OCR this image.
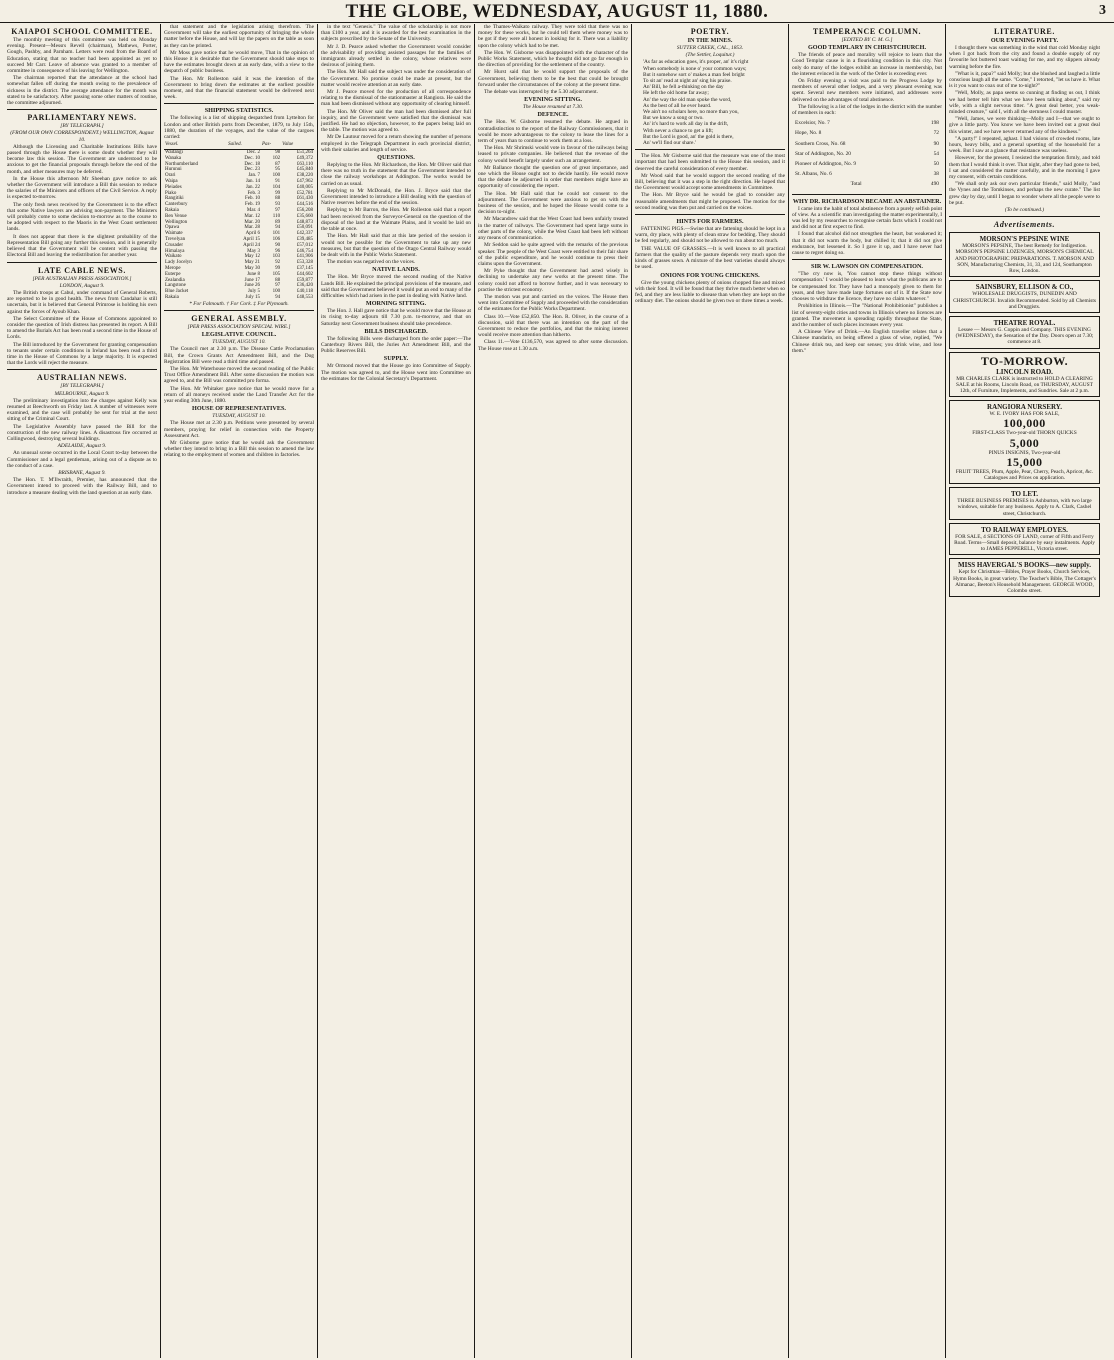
THE GLOBE, WEDNESDAY, AUGUST 11, 1880.	3
KAIAPOI SCHOOL COMMITTEE.

The monthly meeting of this committee was held on Monday evening. Present—Messrs Revell (chairman), Mathews, Porter, Gough, Pashby, and Parnham. Letters were read from the Board of Education, stating that no teacher had been appointed as yet to succeed Mr Carr. Leave of absence was granted to a member of committee in consequence of his leaving for Wellington.

The chairman reported that the attendance at the school had somewhat fallen off during the month owing to the prevalence of sickness in the district. The average attendance for the month was stated to be satisfactory. After passing some other matters of routine, the committee adjourned.

PARLIAMENTARY NEWS.
[BY TELEGRAPH.]
(FROM OUR OWN CORRESPONDENT.) WELLINGTON, August 10.

Although the Licensing and Charitable Institutions Bills have passed through the House there is some doubt whether they will become law this session. The Government are understood to be anxious to get the financial proposals through before the end of the month, and other measures may be deferred.

In the House this afternoon Mr Sheehan gave notice to ask whether the Government will introduce a Bill this session to reduce the salaries of the Ministers and officers of the Civil Service. A reply is expected to-morrow.

The only fresh news received by the Government is to the effect that some Native lawyers are advising non-payment. The Ministers will probably come to some decision to-morrow as to the course to be adopted with respect to the Maoris in the West Coast settlement lands.

It does not appear that there is the slightest probability of the Representation Bill going any further this session, and it is generally believed that the Government will be content with passing the Electoral Bill and leaving the redistribution for another year.

LATE CABLE NEWS.
[PER AUSTRALIAN PRESS ASSOCIATION.]
LONDON, August 9.

The British troops at Cabul, under command of General Roberts, are reported to be in good health. The news from Candahar is still uncertain, but it is believed that General Primrose is holding his own against the forces of Ayoub Khan.

The Select Committee of the House of Commons appointed to consider the question of Irish distress has presented its report. A Bill to amend the Burials Act has been read a second time in the House of Lords.

The Bill introduced by the Government for granting compensation to tenants under certain conditions in Ireland has been read a third time in the House of Commons by a large majority. It is expected that the Lords will reject the measure.

AUSTRALIAN NEWS.
[BY TELEGRAPH.]
MELBOURNE, August 9.

The preliminary investigation into the charges against Kelly was resumed at Beechworth on Friday last. A number of witnesses were examined, and the case will probably be sent for trial at the next sitting of the Criminal Court.

The Legislative Assembly have passed the Bill for the construction of the new railway lines. A disastrous fire occurred at Collingwood, destroying several buildings.

ADELAIDE, August 9.

An unusual scene occurred in the Local Court to-day between the Commissioner and a legal gentleman, arising out of a dispute as to the conduct of a case.

BRISBANE, August 9.

The Hon. T. M'Ilwraith, Premier, has announced that the Government intend to proceed with the Railway Bill, and to introduce a measure dealing with the land question at an early date.

that statement and the legislation arising therefrom. The Government will take the earliest opportunity of bringing the whole matter before the House, and will lay the papers on the table as soon as they can be printed.

Mr Moss gave notice that he would move, That in the opinion of this House it is desirable that the Government should take steps to have the estimates brought down at an early date, with a view to the despatch of public business.

The Hon. Mr Rolleston said it was the intention of the Government to bring down the estimates at the earliest possible moment, and that the financial statement would be delivered next week.

SHIPPING STATISTICS.

The following is a list of shipping despatched from Lyttelton for London and other British ports from December, 1879, to July 15th, 1880, the duration of the voyages, and the value of the cargoes carried:

Vessel.	Sailed.	Pas-	Value
Waitangi	Dec. 2	98	£51,264
Wanaka	Dec. 10	102	£49,372
Northumberland	Dec. 18	87	£63,110
Hurunui	Dec. 23	95	£45,840
Orari	Jan. 7	100	£38,220
Waipa	Jan. 14	91	£47,962
Pleiades	Jan. 22	104	£40,005
Piako	Feb. 3	99	£52,781
Rangitiki	Feb. 10	88	£61,430
Canterbury	Feb. 19	93	£44,516
Rakaia	Mar. 4	97	£56,208
Ben Venue	Mar. 12	110	£35,660
Wellington	Mar. 20	89	£48,873
Opawa	Mar. 28	94	£50,091
Waimate	April 6	101	£42,337
Trevelyan	April 15	106	£39,485
Crusader	April 24	90	£57,012
Himalaya	May 3	96	£46,754
Waikato	May 12	103	£41,906
Lady Jocelyn	May 21	92	£53,328
Merope	May 30	99	£37,145
Euterpe	June 8	105	£44,602
Zealandia	June 17	88	£59,877
Langstone	June 26	97	£36,420
Blue Jacket	July 5	100	£40,118
Rakaia	July 15	94	£48,553
* For Falmouth. † For Cork. ‡ For Plymouth.
GENERAL ASSEMBLY.
[PER PRESS ASSOCIATION SPECIAL WIRE.]
LEGISLATIVE COUNCIL.
TUESDAY, AUGUST 10.

The Council met at 2.30 p.m. The Disease Cattle Proclamation Bill, the Crown Grants Act Amendment Bill, and the Dog Registration Bill were read a third time and passed.

The Hon. Mr Waterhouse moved the second reading of the Public Trust Office Amendment Bill. After some discussion the motion was agreed to, and the Bill was committed pro forma.

The Hon. Mr Whitaker gave notice that he would move for a return of all moneys received under the Land Transfer Act for the year ending 30th June, 1880.

HOUSE OF REPRESENTATIVES.
TUESDAY, AUGUST 10.

The House met at 2.30 p.m. Petitions were presented by several members, praying for relief in connection with the Property Assessment Act.

Mr Gisborne gave notice that he would ask the Government whether they intend to bring in a Bill this session to amend the law relating to the employment of women and children in factories.

in the text "Genesis." The value of the scholarship is not more than £100 a year, and it is awarded for the best examination in the subjects prescribed by the Senate of the University.

Mr J. D. Pearce asked whether the Government would consider the advisability of providing assisted passages for the families of immigrants already settled in the colony, whose relatives were desirous of joining them.

The Hon. Mr Hall said the subject was under the consideration of the Government. No promise could be made at present, but the matter would receive attention at an early date.

Mr J. Pearce moved for the production of all correspondence relating to the dismissal of the stationmaster at Rangiora. He said the man had been dismissed without any opportunity of clearing himself.

The Hon. Mr Oliver said the man had been dismissed after full inquiry, and the Government were satisfied that the dismissal was justified. He had no objection, however, to the papers being laid on the table. The motion was agreed to.

Mr De Lautour moved for a return showing the number of persons employed in the Telegraph Department in each provincial district, with their salaries and length of service.

QUESTIONS.

Replying to the Hon. Mr Richardson, the Hon. Mr Oliver said that there was no truth in the statement that the Government intended to close the railway workshops at Addington. The works would be carried on as usual.

Replying to Mr McDonald, the Hon. J. Bryce said that the Government intended to introduce a Bill dealing with the question of Native reserves before the end of the session.

Replying to Mr Barron, the Hon. Mr Rolleston said that a report had been received from the Surveyor-General on the question of the disposal of the land at the Waimate Plains, and it would be laid on the table at once.

The Hon. Mr Hall said that at this late period of the session it would not be possible for the Government to take up any new measures, but that the question of the Otago Central Railway would be dealt with in the Public Works Statement.

The motion was negatived on the voices.

NATIVE LANDS.

The Hon. Mr Bryce moved the second reading of the Native Lands Bill. He explained the principal provisions of the measure, and said that the Government believed it would put an end to many of the difficulties which had arisen in the past in dealing with Native land.

MORNING SITTING.

The Hon. J. Hall gave notice that he would move that the House at its rising to-day adjourn till 7.30 p.m. to-morrow, and that on Saturday next Government business should take precedence.

BILLS DISCHARGED.

The following Bills were discharged from the order paper:—The Canterbury Rivers Bill, the Juries Act Amendment Bill, and the Public Reserves Bill.

SUPPLY.

Mr Ormond moved that the House go into Committee of Supply. The motion was agreed to, and the House went into Committee on the estimates for the Colonial Secretary's Department.

the Thames-Waikato railway. They were told that there was no money for these works, but he could tell them where money was to be got if they were all honest in looking for it. There was a liability upon the colony which had to be met.

The Hon. W. Gisborne was disappointed with the character of the Public Works Statement, which he thought did not go far enough in the direction of providing for the settlement of the country.

Mr Hurst said that he would support the proposals of the Government, believing them to be the best that could be brought forward under the circumstances of the colony at the present time.

The debate was interrupted by the 5.30 adjournment.

EVENING SITTING.
The House resumed at 7.30.
DEFENCE.

The Hon. W. Gisborne resumed the debate. He argued in contradistinction to the report of the Railway Commissioners, that it would be more advantageous to the colony to lease the lines for a term of years than to continue to work them at a loss.

The Hon. Mr Shrimski would vote in favour of the railways being leased to private companies. He believed that the revenue of the colony would benefit largely under such an arrangement.

Mr Ballance thought the question one of great importance, and one which the House ought not to decide hastily. He would move that the debate be adjourned in order that members might have an opportunity of considering the report.

The Hon. Mr Hall said that he could not consent to the adjournment. The Government were anxious to get on with the business of the session, and he hoped the House would come to a decision to-night.

Mr Macandrew said that the West Coast had been unfairly treated in the matter of railways. The Government had spent large sums in other parts of the colony, while the West Coast had been left without any means of communication.

Mr Seddon said he quite agreed with the remarks of the previous speaker. The people of the West Coast were entitled to their fair share of the public expenditure, and he would continue to press their claims upon the Government.

Mr Pyke thought that the Government had acted wisely in declining to undertake any new works at the present time. The colony could not afford to borrow further, and it was necessary to practise the strictest economy.

The motion was put and carried on the voices. The House then went into Committee of Supply and proceeded with the consideration of the estimates for the Public Works Department.

Class 10.—Vote £52,850. The Hon. R. Oliver, in the course of a discussion, said that there was an intention on the part of the Government to reduce the portfolios, and that the mining interest would receive more attention than hitherto.

Class 11.—Vote £136,570, was agreed to after some discussion. The House rose at 1.30 a.m.

POETRY.
IN THE MINES.
SUTTER CREEK, CAL., 1853.
(The Settler, Loquitur.)
'As far as education goes, it's proper, an' it's right
When somebody is none o' your common ways;
But it somehow sort o' makes a man feel bright
To sit an' read at night an' sing his praise.
An' Bill, he fell a-thinking on the day
He left the old home far away;
An' the way the old man spoke the word,
As the best of all he ever heard.
We ain't no scholars here, no more than you,
But we know a song or two.
An' it's hard to work all day in the drift,
With never a chance to get a lift;
But the Lord is good, an' the gold is there,
An' we'll find our share.'

The Hon. Mr Gisborne said that the measure was one of the most important that had been submitted to the House this session, and it deserved the careful consideration of every member.

Mr Wood said that he would support the second reading of the Bill, believing that it was a step in the right direction. He hoped that the Government would accept some amendments in Committee.

The Hon. Mr Bryce said he would be glad to consider any reasonable amendments that might be proposed. The motion for the second reading was then put and carried on the voices.

HINTS FOR FARMERS.

FATTENING PIGS.—Swine that are fattening should be kept in a warm, dry place, with plenty of clean straw for bedding. They should be fed regularly, and should not be allowed to run about too much.

THE VALUE OF GRASSES.—It is well known to all practical farmers that the quality of the pasture depends very much upon the kinds of grasses sown. A mixture of the best varieties should always be used.

ONIONS FOR YOUNG CHICKENS.

Give the young chickens plenty of onions chopped fine and mixed with their food. It will be found that they thrive much better when so fed, and they are less liable to disease than when they are kept on the ordinary diet. The onions should be given two or three times a week.

TEMPERANCE COLUMN.
[EDITED BY C. M. G.]
GOOD TEMPLARY IN CHRISTCHURCH.

The friends of peace and morality will rejoice to learn that the Good Templar cause is in a flourishing condition in this city. Not only do many of the lodges exhibit an increase in membership, but the interest evinced in the work of the Order is exceeding ever.

On Friday evening a visit was paid to the Progress Lodge by members of several other lodges, and a very pleasant evening was spent. Several new members were initiated, and addresses were delivered on the advantages of total abstinence.

The following is a list of the lodges in the district with the number of members in each:

Excelsior, No. 7	198
Hope, No. 8	72
Southern Cross, No. 68	90
Star of Addington, No. 20	54
Pioneer of Addington, No. 9	50
St. Albans, No. 6	38
Total	490
WHY DR. RICHARDSON BECAME AN ABSTAINER.

I came into the habit of total abstinence from a purely selfish point of view. As a scientific man investigating the matter experimentally, I was led by my researches to recognise certain facts which I could not and did not at first expect to find.

I found that alcohol did not strengthen the heart, but weakened it; that it did not warm the body, but chilled it; that it did not give endurance, but lessened it. So I gave it up, and I have never had cause to regret doing so.

SIR W. LAWSON ON COMPENSATION.

"The cry now is, 'You cannot stop these things without compensation.' I would be pleased to learn what the publicans are to be compensated for. They have had a monopoly given to them for years, and they have made large fortunes out of it. If the State now chooses to withdraw the licence, they have no claim whatever."

Prohibition in Illinois.—The "National Prohibitionist" publishes a list of seventy-eight cities and towns in Illinois where no licences are granted. The movement is spreading rapidly throughout the State, and the number of such places increases every year.

A Chinese View of Drink.—An English traveller relates that a Chinese mandarin, on being offered a glass of wine, replied, "We Chinese drink tea, and keep our senses; you drink wine, and lose them."

LITERATURE.
OUR EVENING PARTY.

I thought there was something in the wind that cold Monday night when I got back from the city and found a double supply of my favourite hot buttered toast waiting for me, and my slippers already warming before the fire.

"What is it, papa?" said Molly; but she blushed and laughed a little conscious laugh all the same. "Come," I retorted, "let us have it. What is it you want to coax out of me to-night?"

"Well, Molly, as papa seems so cunning at finding us out, I think we had better tell him what we have been talking about," said my wife, with a slight nervous titter. "A great deal better, you weak-minded creature," said I, with all the sternness I could muster.

"Well, James, we were thinking—Molly and I—that we ought to give a little party. You know we have been invited out a great deal this winter, and we have never returned any of the kindness."

"A party!" I repeated, aghast. I had visions of crowded rooms, late hours, heavy bills, and a general upsetting of the household for a week. But I saw at a glance that resistance was useless.

However, for the present, I resisted the temptation firmly, and told them that I would think it over. That night, after they had gone to bed, I sat and considered the matter carefully, and in the morning I gave my consent, with certain conditions.

"We shall only ask our own particular friends," said Molly, "and the Vynes and the Tomkinses, and perhaps the new curate." The list grew day by day, until I began to wonder where all the people were to be put.

(To be continued.)
Advertisements.
MORSON'S PEPSINE WINE
MORSON'S PEPSINE, The best Remedy for Indigestion.
MORSON'S PEPSINE LOZENGES, MORSON'S CHEMICAL AND PHOTOGRAPHIC PREPARATIONS. T. MORSON AND SON, Manufacturing Chemists, 31, 33, and 124, Southampton Row, London.
SAINSBURY, ELLISON & CO.,
WHOLESALE DRUGGISTS, DUNEDIN AND CHRISTCHURCH. Invalids Recommended. Sold by all Chemists and Druggists.
THEATRE ROYAL.
Lessee — Messrs G. Coppin and Company. THIS EVENING (WEDNESDAY), the Sensation of the Day. Doors open at 7.30; commence at 8.
TO-MORROW.
LINCOLN ROAD.
MR CHARLES CLARK is instructed to HOLD A CLEARING SALE at his Rooms, Lincoln Road, on THURSDAY, AUGUST 12th, of Furniture, Implements, and Sundries. Sale at 2 p.m.
RANGIORA NURSERY.
W. E. IVORY HAS FOR SALE,
100,000
FIRST-CLASS Two-year-old THORN QUICKS
5,000
PINUS INSIGNIS, Two-year-old
15,000
FRUIT TREES, Plum, Apple, Pear, Cherry, Peach, Apricot, &c.
Catalogues and Prices on application.
TO LET.
THREE BUSINESS PREMISES in Ashburton, with two large windows, suitable for any business. Apply to A. Clark, Cashel street, Christchurch.
TO RAILWAY EMPLOYES.
FOR SALE, 4 SECTIONS OF LAND, corner of Fifth and Ferry Road. Terms—Small deposit, balance by easy instalments. Apply to JAMES PEPPERELL, Victoria street.
MISS HAVERGAL'S BOOKS—new supply.
Kept for Christmas—Bibles, Prayer Books, Church Services, Hymn Books, in great variety. The Teacher's Bible, The Cottager's Almanac, Beeton's Household Management. GEORGE WOOD, Colombo street.
